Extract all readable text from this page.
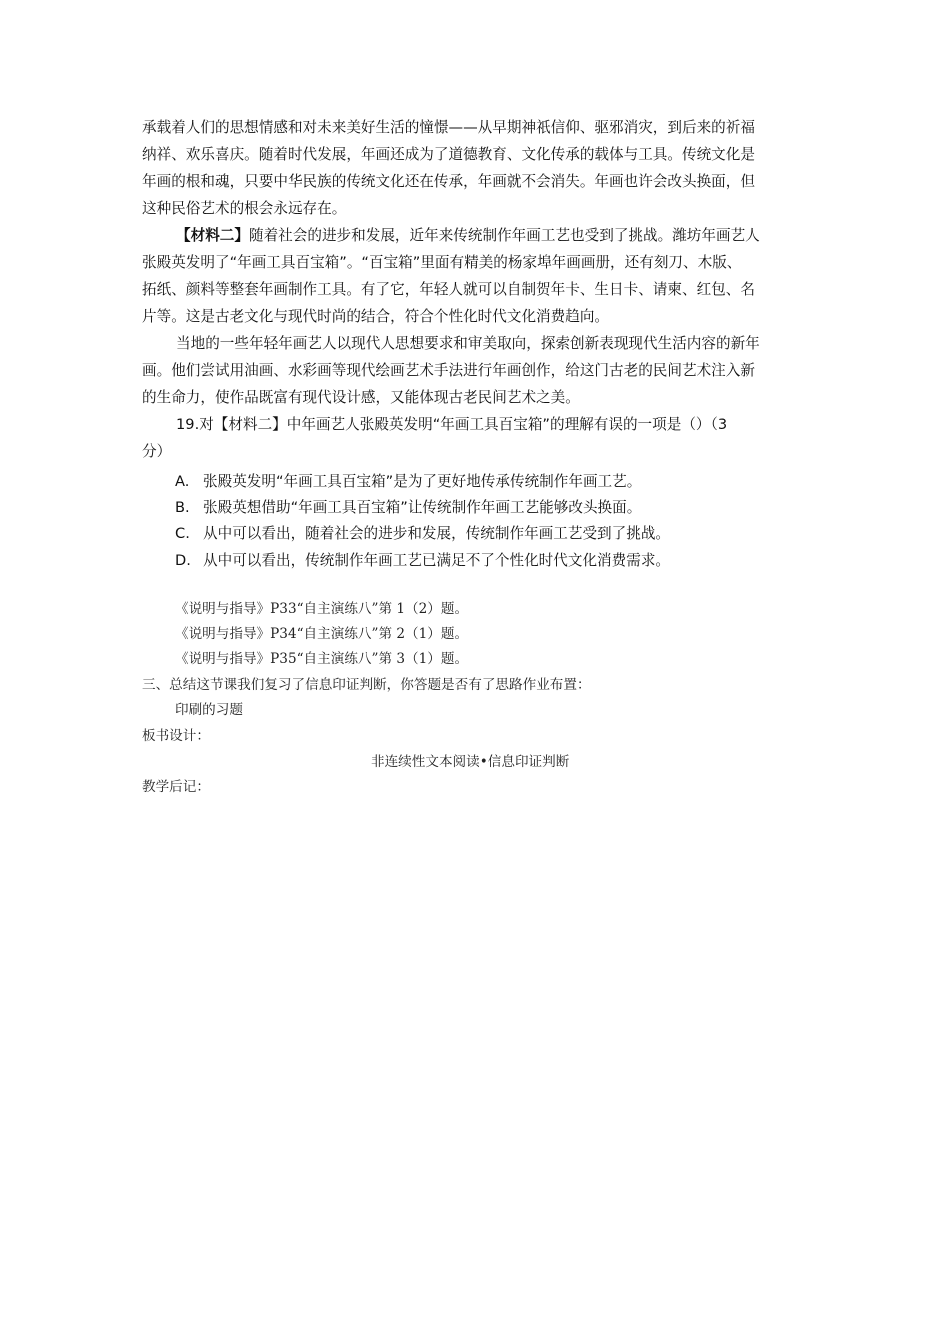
承载着人们的思想情感和对未来美好生活的憧憬——从早期神祇信仰、驱邪消灾，到后来的祈福
纳祥、欢乐喜庆。随着时代发展，年画还成为了道德教育、文化传承的载体与工具。传统文化是
年画的根和魂，只要中华民族的传统文化还在传承，年画就不会消失。年画也许会改头换面，但
这种民俗艺术的根会永远存在。
【材料二】随着社会的进步和发展，近年来传统制作年画工艺也受到了挑战。潍坊年画艺人
张殿英发明了“年画工具百宝箱”。“百宝箱”里面有精美的杨家埠年画画册，还有刻刀、木版、
拓纸、颜料等整套年画制作工具。有了它，年轻人就可以自制贺年卡、生日卡、请柬、红包、名
片等。这是古老文化与现代时尚的结合，符合个性化时代文化消费趋向。
当地的一些年轻年画艺人以现代人思想要求和审美取向，探索创新表现现代生活内容的新年
画。他们尝试用油画、水彩画等现代绘画艺术手法进行年画创作，给这门古老的民间艺术注入新
的生命力，使作品既富有现代设计感，又能体现古老民间艺术之美。
19.对【材料二】中年画艺人张殿英发明“年画工具百宝箱”的理解有误的一项是（）（3
分）
A. 张殿英发明“年画工具百宝箱”是为了更好地传承传统制作年画工艺。
B. 张殿英想借助“年画工具百宝箱”让传统制作年画工艺能够改头换面。
C. 从中可以看出，随着社会的进步和发展，传统制作年画工艺受到了挑战。
D. 从中可以看出，传统制作年画工艺已满足不了个性化时代文化消费需求。
《说明与指导》P33“自主演练八”第 1（2）题。
《说明与指导》P34“自主演练八”第 2（1）题。
《说明与指导》P35“自主演练八”第 3（1）题。
三、总结这节课我们复习了信息印证判断，你答题是否有了思路作业布置：
印刷的习题
板书设计：
非连续性文本阅读•信息印证判断
教学后记：
